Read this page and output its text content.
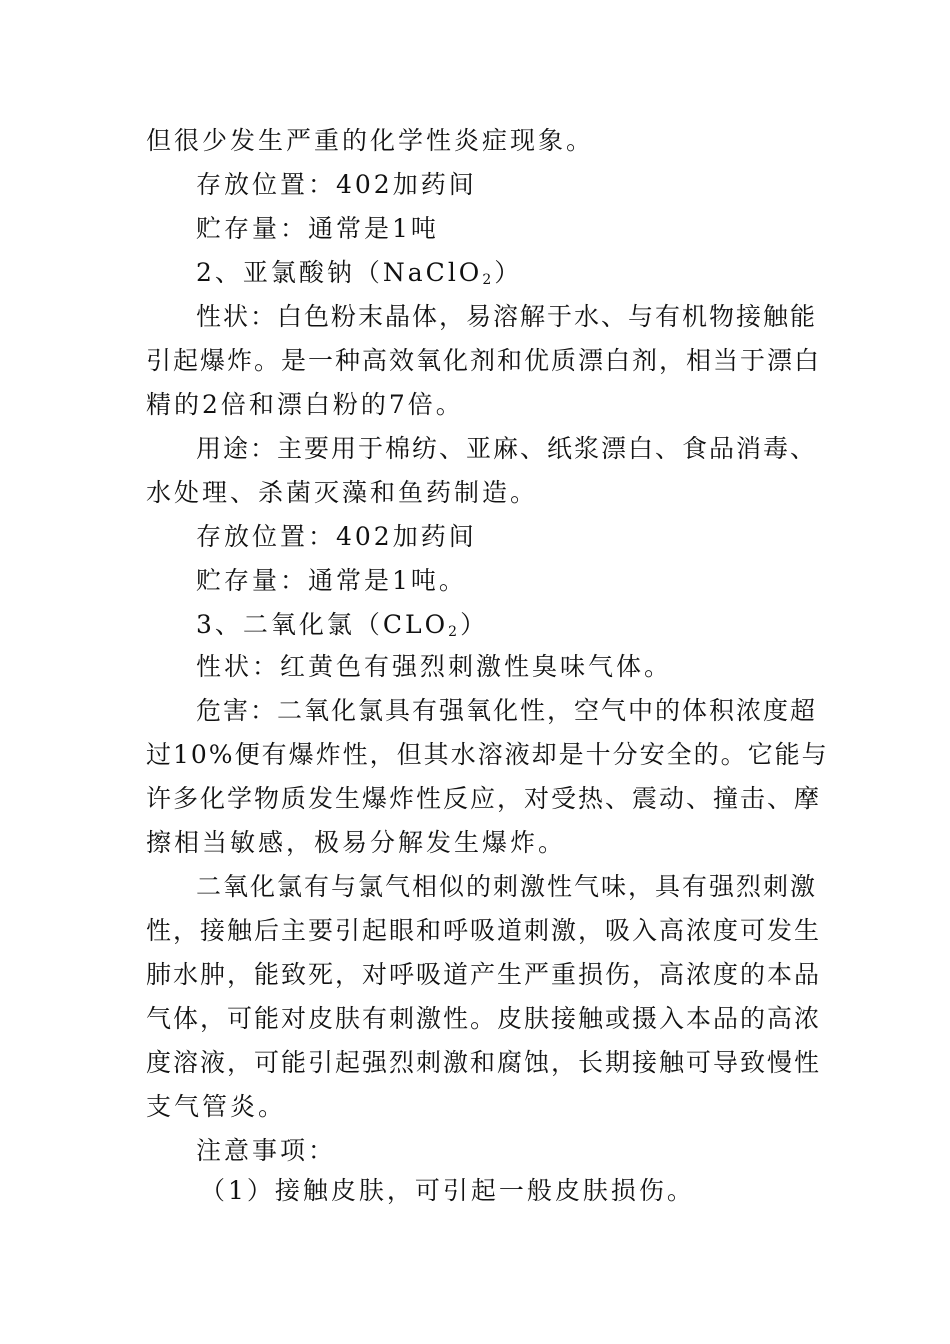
但很少发生严重的化学性炎症现象。
存放位置：402加药间
贮存量：通常是1吨
2、亚氯酸钠（NaClO$_2$）
性状：白色粉末晶体，易溶解于水、与有机物接触能
引起爆炸。是一种高效氧化剂和优质漂白剂，相当于漂白
精的2倍和漂白粉的7倍。
用途：主要用于棉纺、亚麻、纸浆漂白、食品消毒、
水处理、杀菌灭藻和鱼药制造。
存放位置：402加药间
贮存量：通常是1吨。
3、二氧化氯$(CLO_2)$
性状：红黄色有强烈刺激性臭味气体。
危害：二氧化氯具有强氧化性，空气中的体积浓度超
过10%便有爆炸性，但其水溶液却是十分安全的。它能与
许多化学物质发生爆炸性反应，对受热、震动、撞击、摩
擦相当敏感，极易分解发生爆炸。
二氧化氯有与氯气相似的刺激性气味，具有强烈刺激
性，接触后主要引起眼和呼吸道刺激，吸入高浓度可发生
肺水肿，能致死，对呼吸道产生严重损伤，高浓度的本品
气体，可能对皮肤有刺激性。皮肤接触或摄入本品的高浓
度溶液，可能引起强烈刺激和腐蚀，长期接触可导致慢性
支气管炎。
注意事项：
（1）接触皮肤，可引起一般皮肤损伤。
